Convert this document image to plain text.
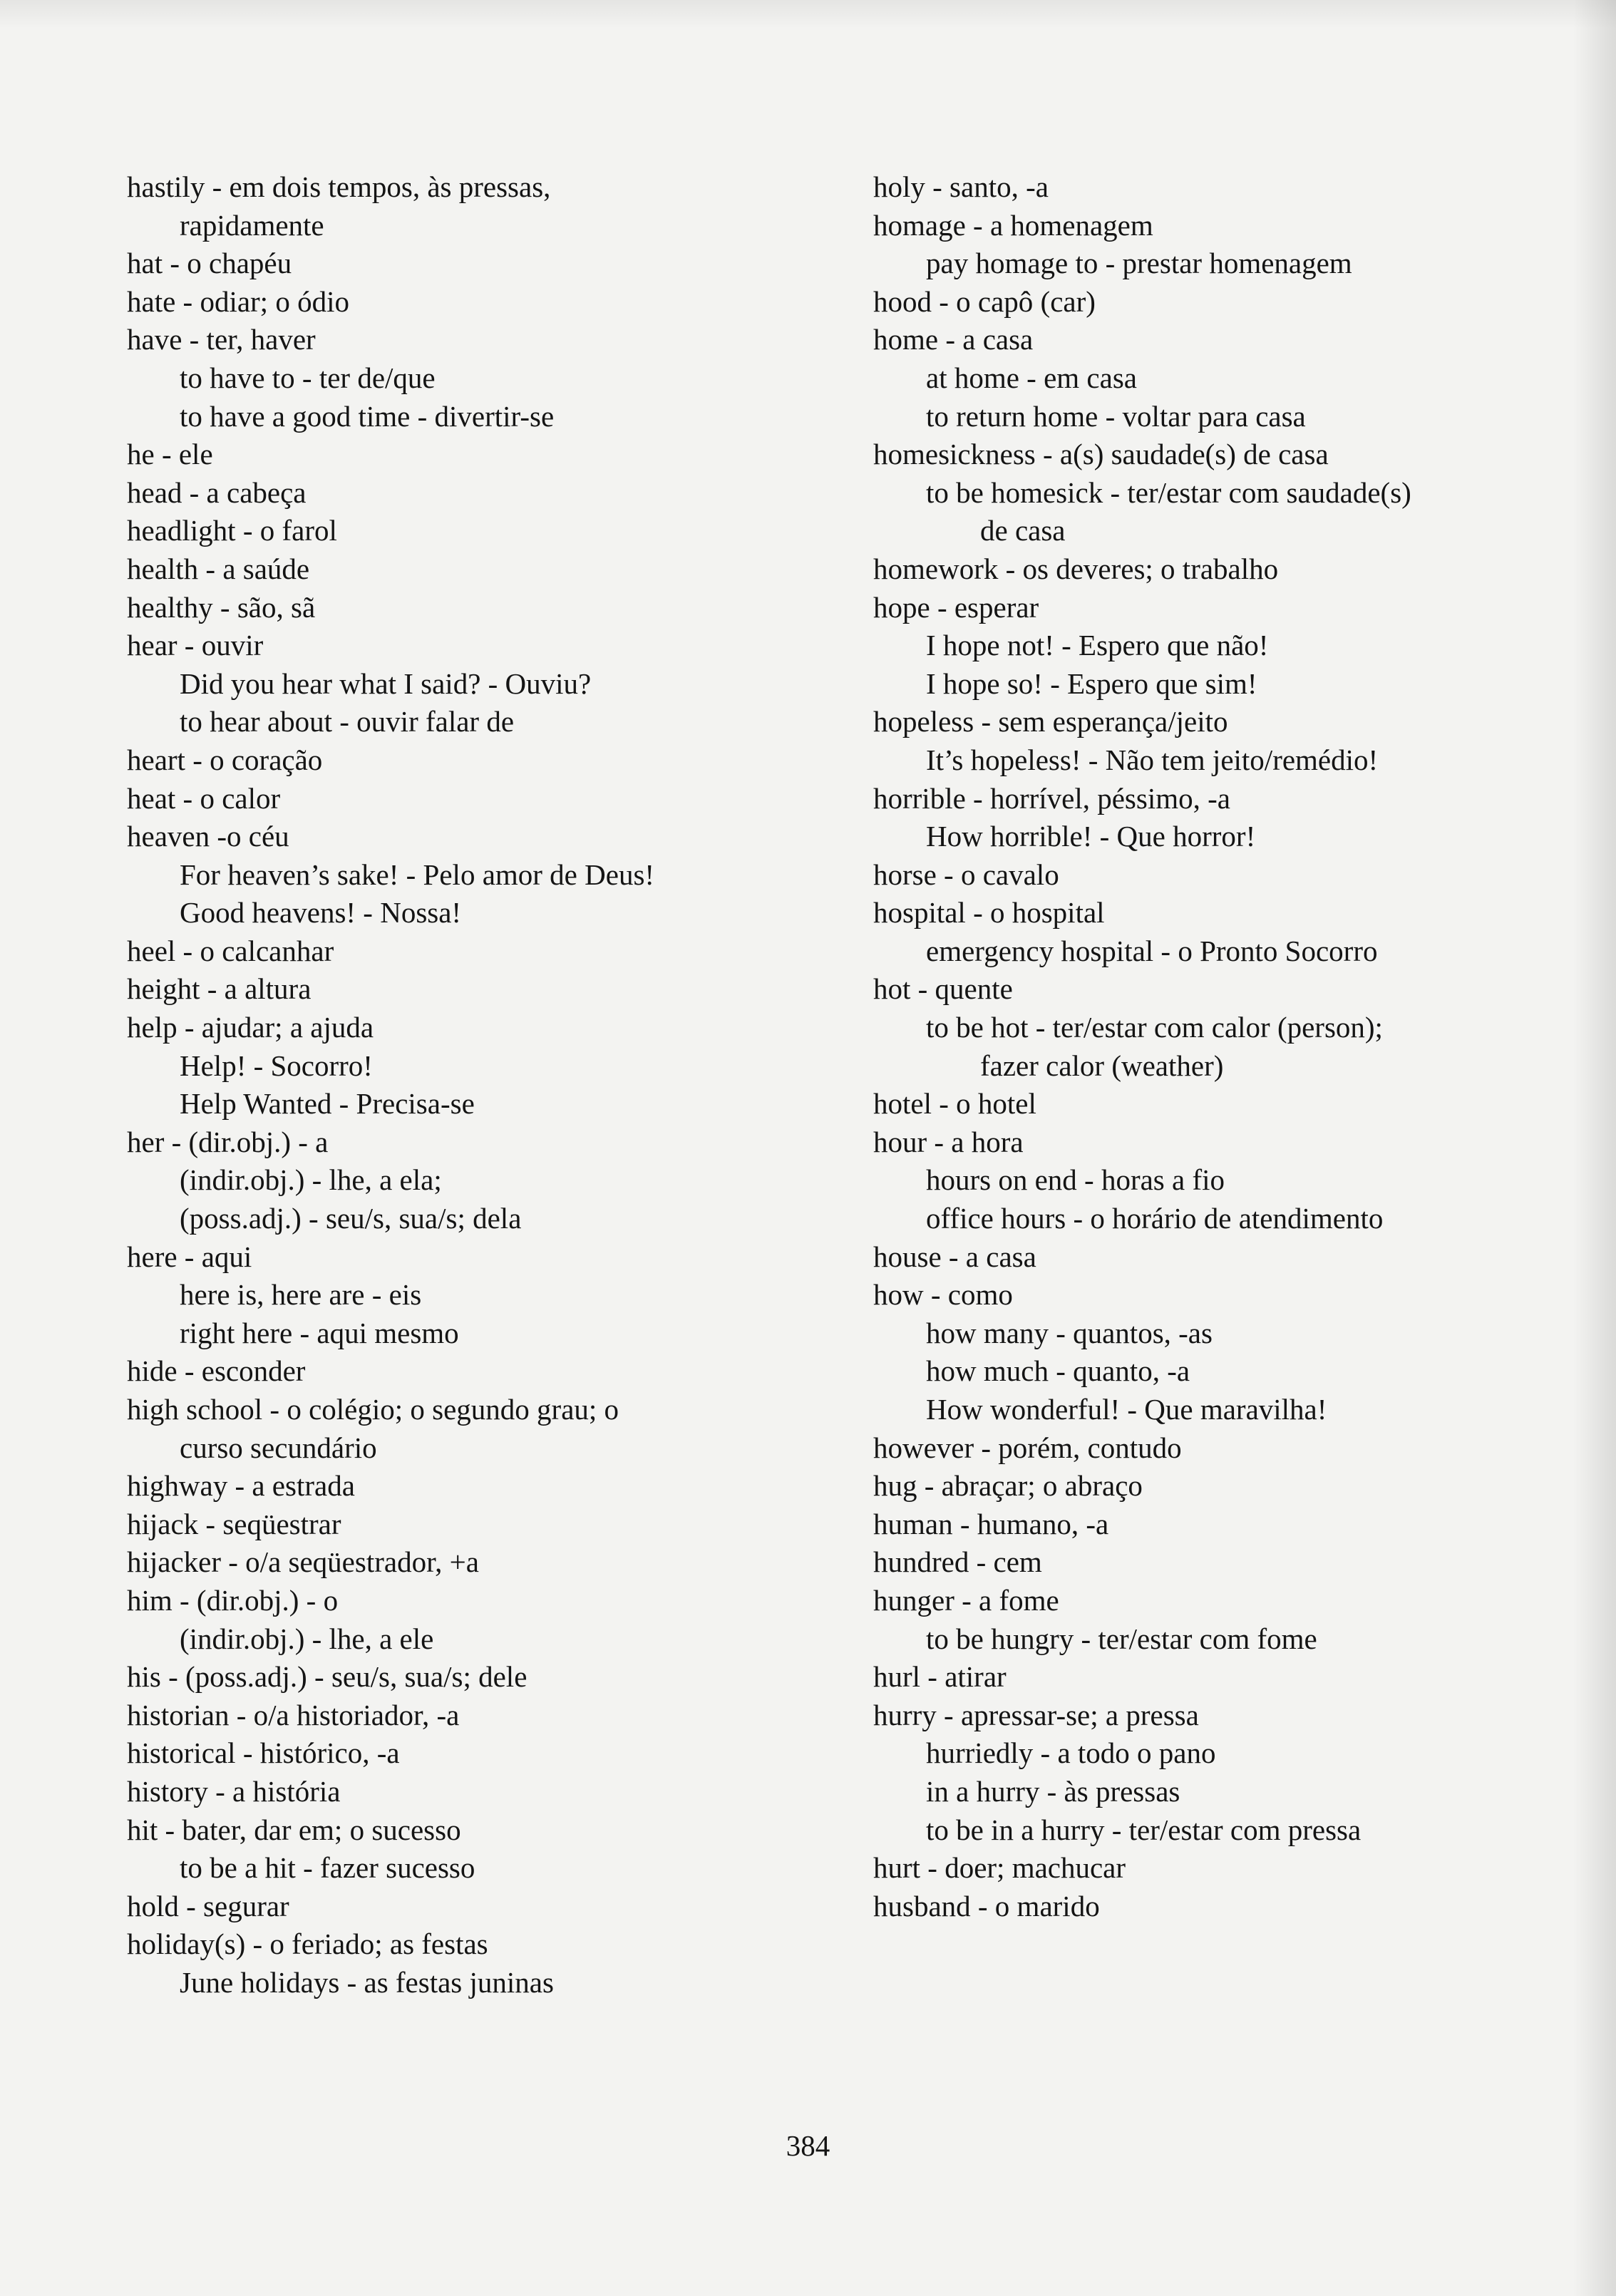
hastily - em dois tempos, às pressas,
rapidamente
hat - o chapéu
hate - odiar; o ódio
have - ter, haver
to have to - ter de/que
to have a good time - divertir-se
he - ele
head - a cabeça
headlight - o farol
health - a saúde
healthy - são, sã
hear - ouvir
Did you hear what I said? - Ouviu?
to hear about - ouvir falar de
heart - o coração
heat - o calor
heaven -o céu
For heaven’s sake! - Pelo amor de Deus!
Good heavens! - Nossa!
heel - o calcanhar
height - a altura
help - ajudar; a ajuda
Help! - Socorro!
Help Wanted - Precisa-se
her - (dir.obj.) - a
(indir.obj.) - lhe, a ela;
(poss.adj.) - seu/s, sua/s; dela
here - aqui
here is, here are - eis
right here - aqui mesmo
hide - esconder
high school - o colégio; o segundo grau; o
curso secundário
highway - a estrada
hijack - seqüestrar
hijacker - o/a seqüestrador, +a
him - (dir.obj.) - o
(indir.obj.) - lhe, a ele
his - (poss.adj.) - seu/s, sua/s; dele
historian - o/a historiador, -a
historical - histórico, -a
history - a história
hit - bater, dar em; o sucesso
to be a hit - fazer sucesso
hold - segurar
holiday(s) - o feriado; as festas
June holidays - as festas juninas
holy - santo, -a
homage - a homenagem
pay homage to - prestar homenagem
hood - o capô (car)
home - a casa
at home - em casa
to return home - voltar para casa
homesickness - a(s) saudade(s) de casa
to be homesick - ter/estar com saudade(s)
de casa
homework - os deveres; o trabalho
hope - esperar
I hope not! - Espero que não!
I hope so! - Espero que sim!
hopeless - sem esperança/jeito
It’s hopeless! - Não tem jeito/remédio!
horrible - horrível, péssimo, -a
How horrible! - Que horror!
horse - o cavalo
hospital - o hospital
emergency hospital - o Pronto Socorro
hot - quente
to be hot - ter/estar com calor (person);
fazer calor (weather)
hotel - o hotel
hour - a hora
hours on end - horas a fio
office hours - o horário de atendimento
house - a casa
how - como
how many - quantos, -as
how much - quanto, -a
How wonderful! - Que maravilha!
however - porém, contudo
hug - abraçar; o abraço
human - humano, -a
hundred - cem
hunger - a fome
to be hungry - ter/estar com fome
hurl - atirar
hurry - apressar-se; a pressa
hurriedly - a todo o pano
in a hurry - às pressas
to be in a hurry - ter/estar com pressa
hurt - doer; machucar
husband - o marido
384
